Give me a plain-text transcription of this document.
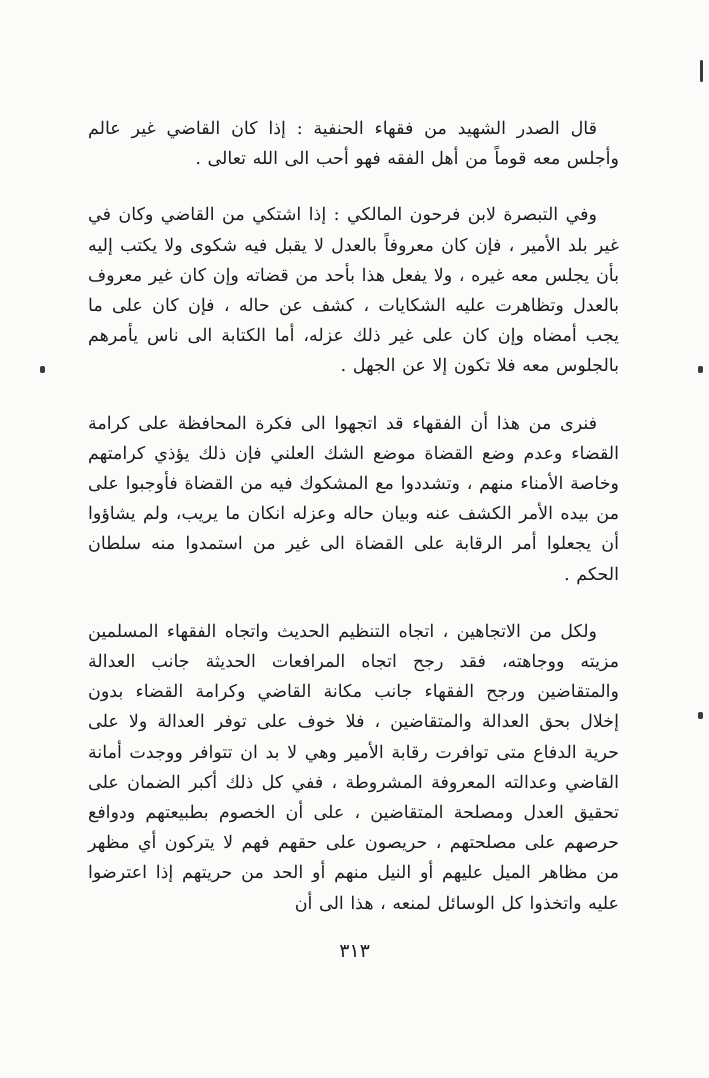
قال الصدر الشهيد من فقهاء الحنفية : إذا كان القاضي غير عالم وأجلس معه قوماً من أهل الفقه فهو أحب الى الله تعالى .

وفي التبصرة لابن فرحون المالكي : إذا اشتكي من القاضي وكان في غير بلد الأمير ، فإن كان معروفاً بالعدل لا يقبل فيه شكوى ولا يكتب إليه بأن يجلس معه غيره ، ولا يفعل هذا بأحد من قضاته وإن كان غير معروف بالعدل وتظاهرت عليه الشكايات ، كشف عن حاله ، فإن كان على ما يجب أمضاه وإن كان على غير ذلك عزله، أما الكتابة الى ناس يأمرهم بالجلوس معه فلا تكون إلا عن الجهل .

فنرى من هذا أن الفقهاء قد اتجهوا الى فكرة المحافظة على كرامة القضاء وعدم وضع القضاة موضع الشك العلني فإن ذلك يؤذي كرامتهم وخاصة الأمناء منهم ، وتشددوا مع المشكوك فيه من القضاة فأوجبوا على من بيده الأمر الكشف عنه وبيان حاله وعزله انكان ما يريب، ولم يشاؤوا أن يجعلوا أمر الرقابة على القضاة الى غير من استمدوا منه سلطان الحكم .

ولكل من الاتجاهين ، اتجاه التنظيم الحديث واتجاه الفقهاء المسلمين مزيته ووجاهته، فقد رجح اتجاه المرافعات الحديثة جانب العدالة والمتقاضين ورجح الفقهاء جانب مكانة القاضي وكرامة القضاء بدون إخلال بحق العدالة والمتقاضين ، فلا خوف على توفر العدالة ولا على حرية الدفاع متى توافرت رقابة الأمير وهي لا بد ان تتوافر ووجدت أمانة القاضي وعدالته المعروفة المشروطة ، ففي كل ذلك أكبر الضمان على تحقيق العدل ومصلحة المتقاضين ، على أن الخصوم بطبيعتهم ودوافع حرصهم على مصلحتهم ، حريصون على حقهم فهم لا يتركون أي مظهر من مظاهر الميل عليهم أو النيل منهم أو الحد من حريتهم إذا اعترضوا عليه واتخذوا كل الوسائل لمنعه ، هذا الى أن

٣١٣
